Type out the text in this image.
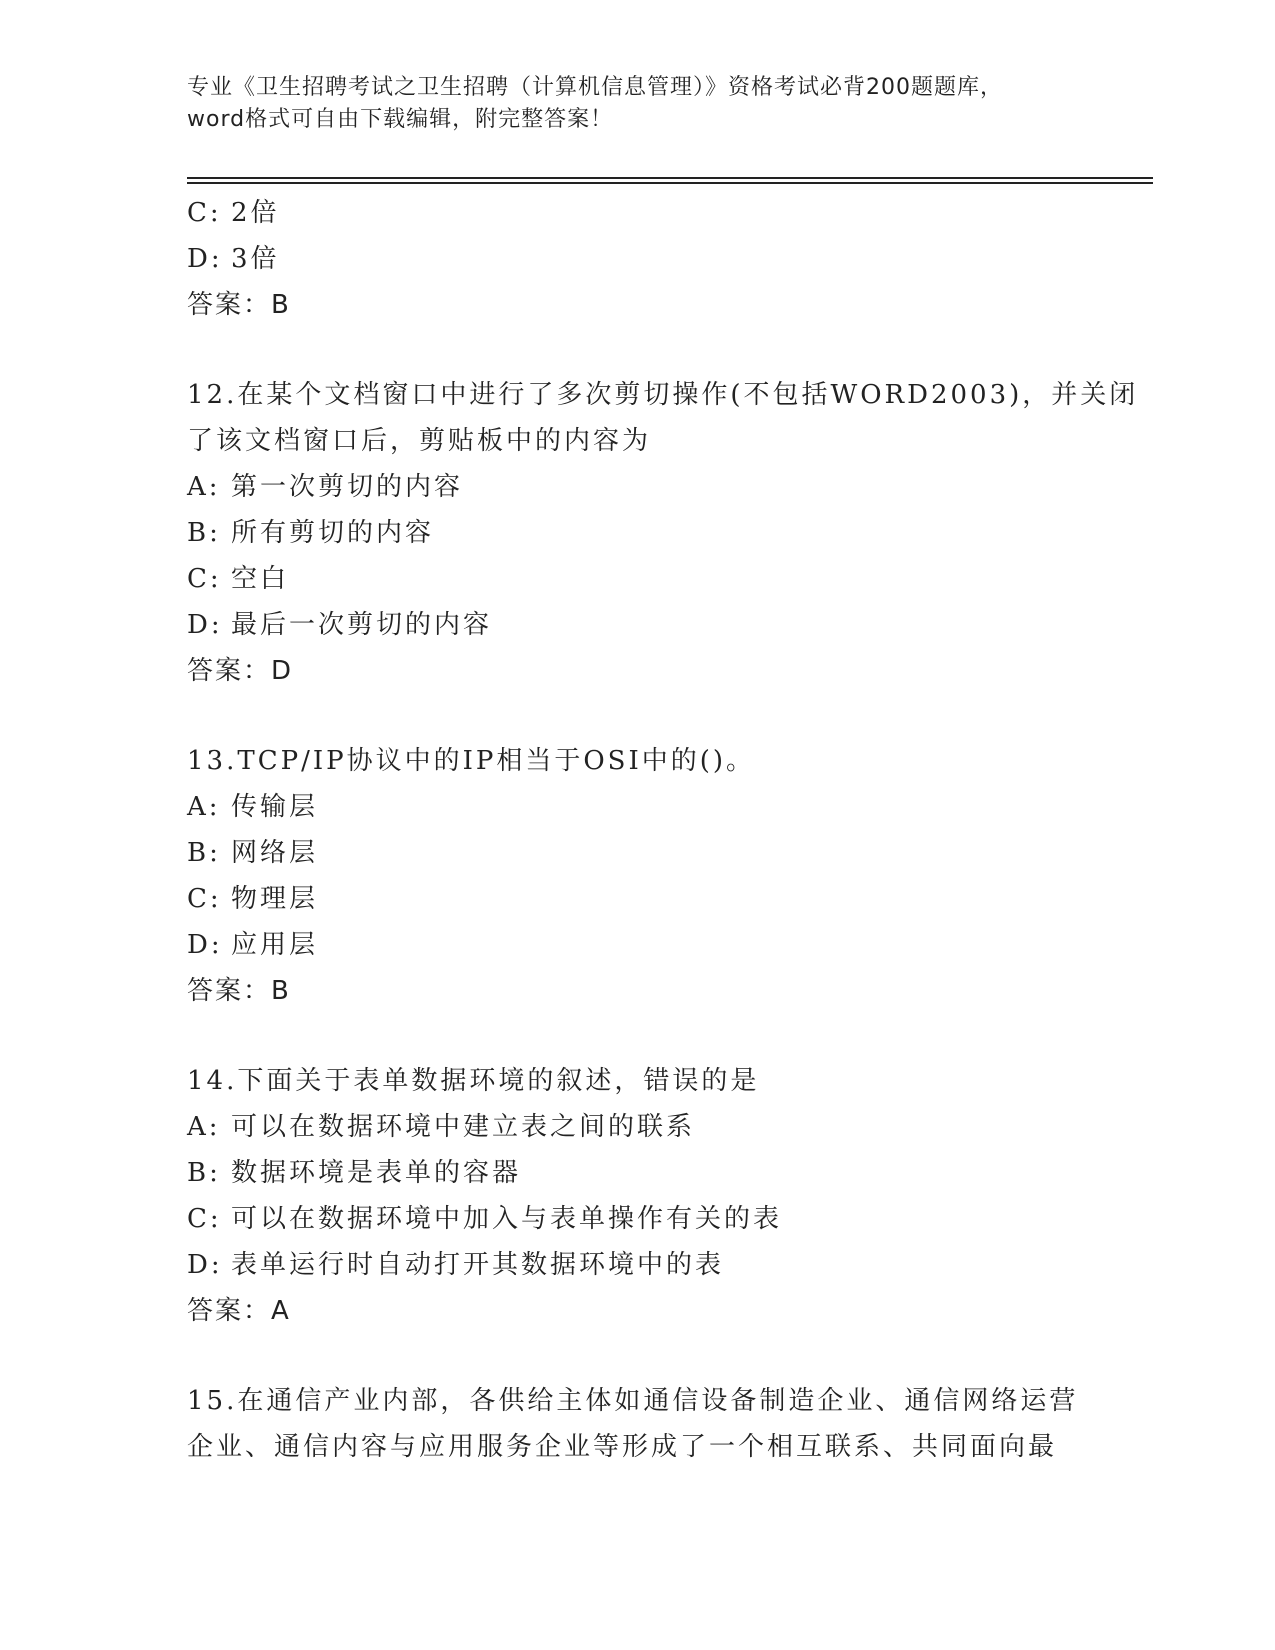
专业《卫生招聘考试之卫生招聘（计算机信息管理）》资格考试必背200题题库，
word格式可自由下载编辑，附完整答案！
C: 2倍
D: 3倍
答案：B
12.在某个文档窗口中进行了多次剪切操作(不包括WORD2003)，并关闭
了该文档窗口后，剪贴板中的内容为
A: 第一次剪切的内容
B: 所有剪切的内容
C: 空白
D: 最后一次剪切的内容
答案：D
13.TCP/IP协议中的IP相当于OSI中的()。
A: 传输层
B: 网络层
C: 物理层
D: 应用层
答案：B
14.下面关于表单数据环境的叙述，错误的是
A: 可以在数据环境中建立表之间的联系
B: 数据环境是表单的容器
C: 可以在数据环境中加入与表单操作有关的表
D: 表单运行时自动打开其数据环境中的表
答案：A
15.在通信产业内部，各供给主体如通信设备制造企业、通信网络运营
企业、通信内容与应用服务企业等形成了一个相互联系、共同面向最
